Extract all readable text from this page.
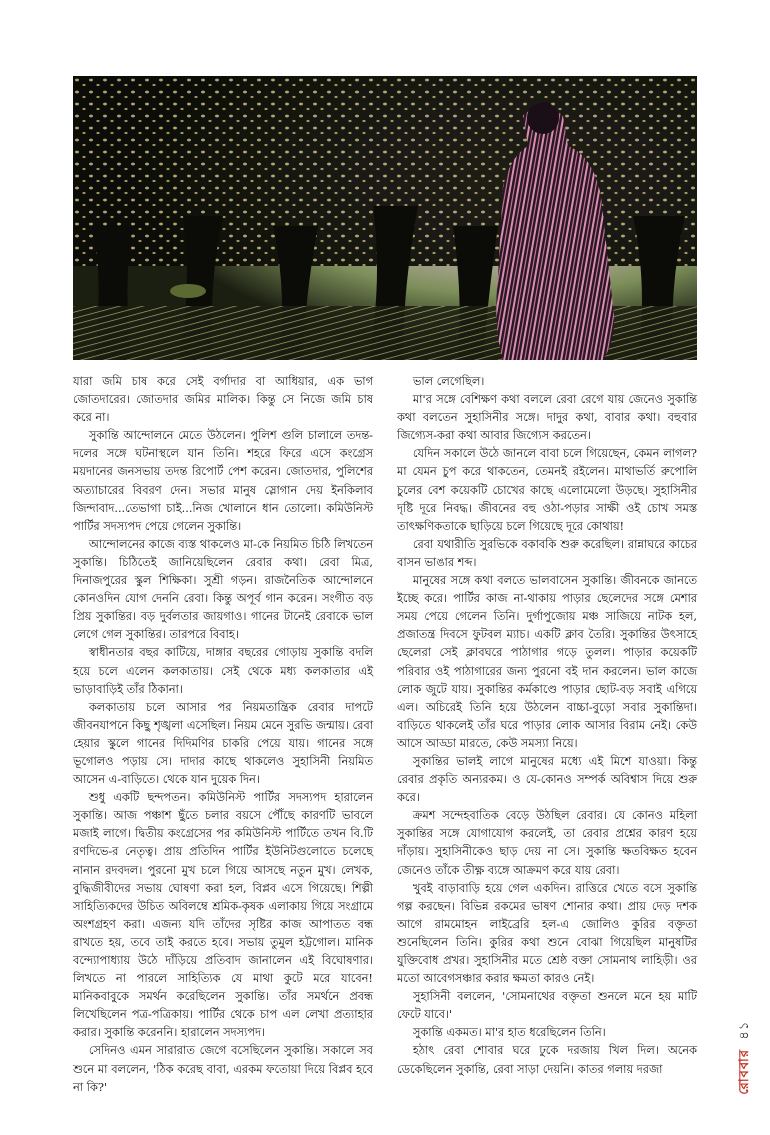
যারা জমি চাষ করে সেই বর্গাদার বা আধিয়ার, এক ভাগ জোতদারের। জোতদার জমির মালিক। কিন্তু সে নিজে জমি চাষ করে না।

সুকান্তি আন্দোলনে মেতে উঠলেন। পুলিশ গুলি চালালে তদন্ত-দলের সঙ্গে ঘটনাস্থলে যান তিনি। শহরে ফিরে এসে কংগ্রেস ময়দানের জনসভায় তদন্ত রিপোর্ট পেশ করেন। জোতদার, পুলিশের অত্যাচারের বিবরণ দেন। সভার মানুষ স্লোগান দেয় ইনকিলাব জিন্দাবাদ...তেভাগা চাই...নিজ খোলানে ধান তোলো। কমিউনিস্ট পার্টির সদস্যপদ পেয়ে গেলেন সুকান্তি।

আন্দোলনের কাজে ব্যস্ত থাকলেও মা-কে নিয়মিত চিঠি লিখতেন সুকান্তি। চিঠিতেই জানিয়েছিলেন রেবার কথা। রেবা মিত্র, দিনাজপুরের স্কুল শিক্ষিকা। সুশ্রী গড়ন। রাজনৈতিক আন্দোলনে কোনওদিন যোগ দেননি রেবা। কিন্তু অপূর্ব গান করেন। সংগীত বড় প্রিয় সুকান্তির। বড় দুর্বলতার জায়গাও। গানের টানেই রেবাকে ভাল লেগে গেল সুকান্তির। তারপরে বিবাহ।

স্বাধীনতার বছর কাটিয়ে, দাঙ্গার বছরের গোড়ায় সুকান্তি বদলি হয়ে চলে এলেন কলকাতায়। সেই থেকে মধ্য কলকাতার এই ভাড়াবাড়িই তাঁর ঠিকানা।

কলকাতায় চলে আসার পর নিয়মতান্ত্রিক রেবার দাপটে জীবনযাপনে কিছু শৃঙ্খলা এসেছিল। নিয়ম মেনে সুরভি জন্মায়। রেবা হেয়ার স্কুলে গানের দিদিমণির চাকরি পেয়ে যায়। গানের সঙ্গে ভূগোলও পড়ায় সে। দাদার কাছে থাকলেও সুহাসিনী নিয়মিত আসেন এ-বাড়িতে। থেকে যান দুয়েক দিন।

শুধু একটি ছন্দপতন। কমিউনিস্ট পার্টির সদস্যপদ হারালেন সুকান্তি। আজ পঞ্চাশ ছুঁতে চলার বয়সে পৌঁছে কারণটি ভাবলে মজাই লাগে। দ্বিতীয় কংগ্রেসের পর কমিউনিস্ট পার্টিতে তখন বি.টি রণদিভে-র নেতৃত্ব। প্রায় প্রতিদিন পার্টির ইউনিটগুলোতে চলেছে নানান রদবদল। পুরনো মুখ চলে গিয়ে আসছে নতুন মুখ। লেখক, বুদ্ধিজীবীদের সভায় ঘোষণা করা হল, বিপ্লব এসে গিয়েছে। শিল্পী সাহিত্যিকদের উচিত অবিলম্বে শ্রমিক-কৃষক এলাকায় গিয়ে সংগ্রামে অংশগ্রহণ করা। এজন্য যদি তাঁদের সৃষ্টির কাজ আপাতত বন্ধ রাখতে হয়, তবে তাই করতে হবে। সভায় তুমুল হট্টগোল। মানিক বন্দ্যোপাধ্যায় উঠে দাঁড়িয়ে প্রতিবাদ জানালেন এই বিঘোষণার। লিখতে না পারলে সাহিত্যিক যে মাথা কুটে মরে যাবেন! মানিকবাবুকে সমর্থন করেছিলেন সুকান্তি। তাঁর সমর্থনে প্রবন্ধ লিখেছিলেন পত্র-পত্রিকায়। পার্টির থেকে চাপ এল লেখা প্রত্যাহার করার। সুকান্তি করেননি। হারালেন সদস্যপদ।

সেদিনও এমন সারারাত জেগে বসেছিলেন সুকান্তি। সকালে সব শুনে মা বললেন, 'ঠিক করেছ বাবা, এরকম ফতোয়া দিয়ে বিপ্লব হবে না কি?'

ভাল লেগেছিল।

মা'র সঙ্গে বেশিক্ষণ কথা বললে রেবা রেগে যায় জেনেও সুকান্তি কথা বলতেন সুহাসিনীর সঙ্গে। দাদুর কথা, বাবার কথা। বহুবার জিগ্যেস-করা কথা আবার জিগ্যেস করতেন।

যেদিন সকালে উঠে জানলে বাবা চলে গিয়েছেন, কেমন লাগল? মা যেমন চুপ করে থাকতেন, তেমনই রইলেন। মাথাভর্তি রুপোলি চুলের বেশ কয়েকটি চোখের কাছে এলোমেলো উড়ছে। সুহাসিনীর দৃষ্টি দূরে নিবদ্ধ। জীবনের বহু ওঠা-পড়ার সাক্ষী ওই চোখ সমস্ত তাৎক্ষণিকতাকে ছাড়িয়ে চলে গিয়েছে দূরে কোথায়!

রেবা যথারীতি সুরভিকে বকাবকি শুরু করেছিল। রান্নাঘরে কাচের বাসন ভাঙার শব্দ।

মানুষের সঙ্গে কথা বলতে ভালবাসেন সুকান্তি। জীবনকে জানতে ইচ্ছে করে। পার্টির কাজ না-থাকায় পাড়ার ছেলেদের সঙ্গে মেশার সময় পেয়ে গেলেন তিনি। দুর্গাপুজোয় মঞ্চ সাজিয়ে নাটক হল, প্রজাতন্ত্র দিবসে ফুটবল ম্যাচ। একটি ক্লাব তৈরি। সুকান্তির উৎসাহে ছেলেরা সেই ক্লাবঘরে পাঠাগার গড়ে তুলল। পাড়ার কয়েকটি পরিবার ওই পাঠাগারের জন্য পুরনো বই দান করলেন। ভাল কাজে লোক জুটে যায়। সুকান্তির কর্মকাণ্ডে পাড়ার ছোট-বড় সবাই এগিয়ে এল। অচিরেই তিনি হয়ে উঠলেন বাচ্চা-বুড়ো সবার সুকান্তিদা। বাড়িতে থাকলেই তাঁর ঘরে পাড়ার লোক আসার বিরাম নেই। কেউ আসে আড্ডা মারতে, কেউ সমস্যা নিয়ে।

সুকান্তির ভালই লাগে মানুষের মধ্যে এই মিশে যাওয়া। কিন্তু রেবার প্রকৃতি অন্যরকম। ও যে-কোনও সম্পর্ক অবিশ্বাস দিয়ে শুরু করে।

ক্রমশ সন্দেহবাতিক বেড়ে উঠছিল রেবার। যে কোনও মহিলা সুকান্তির সঙ্গে যোগাযোগ করলেই, তা রেবার প্রশ্নের কারণ হয়ে দাঁড়ায়। সুহাসিনীকেও ছাড় দেয় না সে। সুকান্তি ক্ষতবিক্ষত হবেন জেনেও তাঁকে তীক্ষ্ণ ব্যঙ্গে আক্রমণ করে যায় রেবা।

খুবই বাড়াবাড়ি হয়ে গেল একদিন। রাত্তিরে খেতে বসে সুকান্তি গল্প করছেন। বিভিন্ন রকমের ভাষণ শোনার কথা। প্রায় দেড় দশক আগে রামমোহন লাইব্রেরি হল-এ জোলিও কুরির বক্তৃতা শুনেছিলেন তিনি। কুরির কথা শুনে বোঝা গিয়েছিল মানুষটির যুক্তিবোধ প্রখর। সুহাসিনীর মতে শ্রেষ্ঠ বক্তা সোমনাথ লাহিড়ী। ওর মতো আবেগসঞ্চার করার ক্ষমতা কারও নেই।

সুহাসিনী বললেন, 'সোমনাথের বক্তৃতা শুনলে মনে হয় মাটি ফেটে যাবে।'

সুকান্তি একমত। মা'র হাত ধরেছিলেন তিনি।

হঠাৎ রেবা শোবার ঘরে ঢুকে দরজায় খিল দিল। অনেক ডেকেছিলেন সুকান্তি, রেবা সাড়া দেয়নি। কাতর গলায় দরজা	রোববার ৪১
